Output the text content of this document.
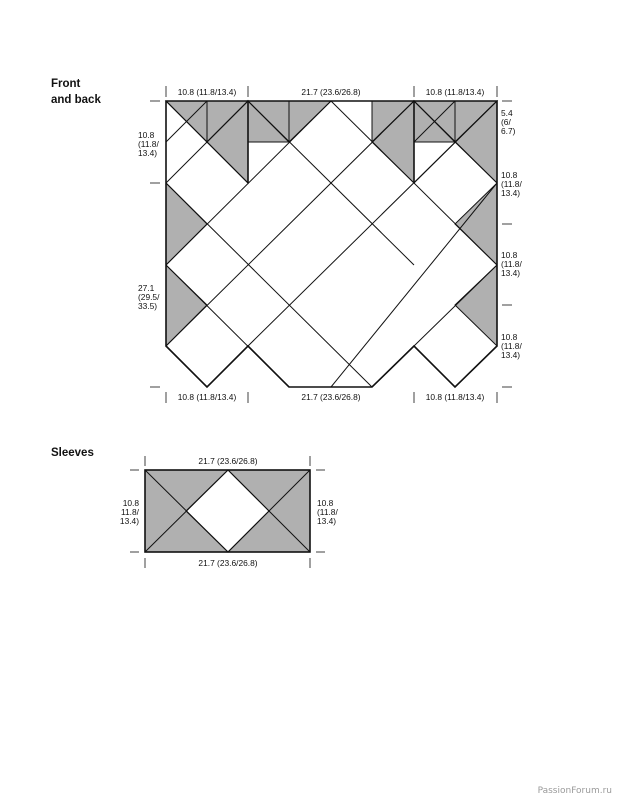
Front
and back
Sleeves
10.8 (11.8/13.4)	21.7 (23.6/26.8)	10.8 (11.8/13.4)
10.8 (11.8/13.4)	21.7 (23.6/26.8)	10.8 (11.8/13.4)
10.8
(11.8/
13.4)
27.1
(29.5/
33.5)
5.4
(6/
6.7)
10.8
(11.8/
13.4)
10.8
(11.8/
13.4)
10.8
(11.8/
13.4)
21.7 (23.6/26.8)
21.7 (23.6/26.8)
10.8
11.8/
13.4)
10.8
(11.8/
13.4)
PassionForum.ru
